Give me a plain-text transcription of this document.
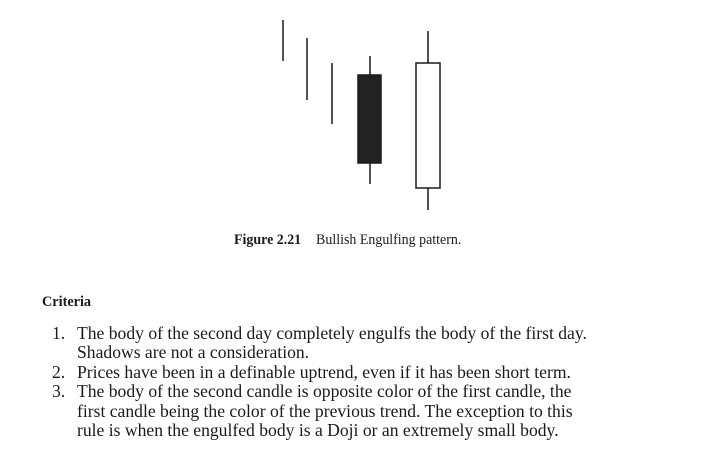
Figure 2.21 Bullish Engulfing pattern.
Criteria
1. The body of the second day completely engulfs the body of the first day.
Shadows are not a consideration.
2. Prices have been in a definable uptrend, even if it has been short term.
3. The body of the second candle is opposite color of the first candle, the
first candle being the color of the previous trend. The exception to this
rule is when the engulfed body is a Doji or an extremely small body.
